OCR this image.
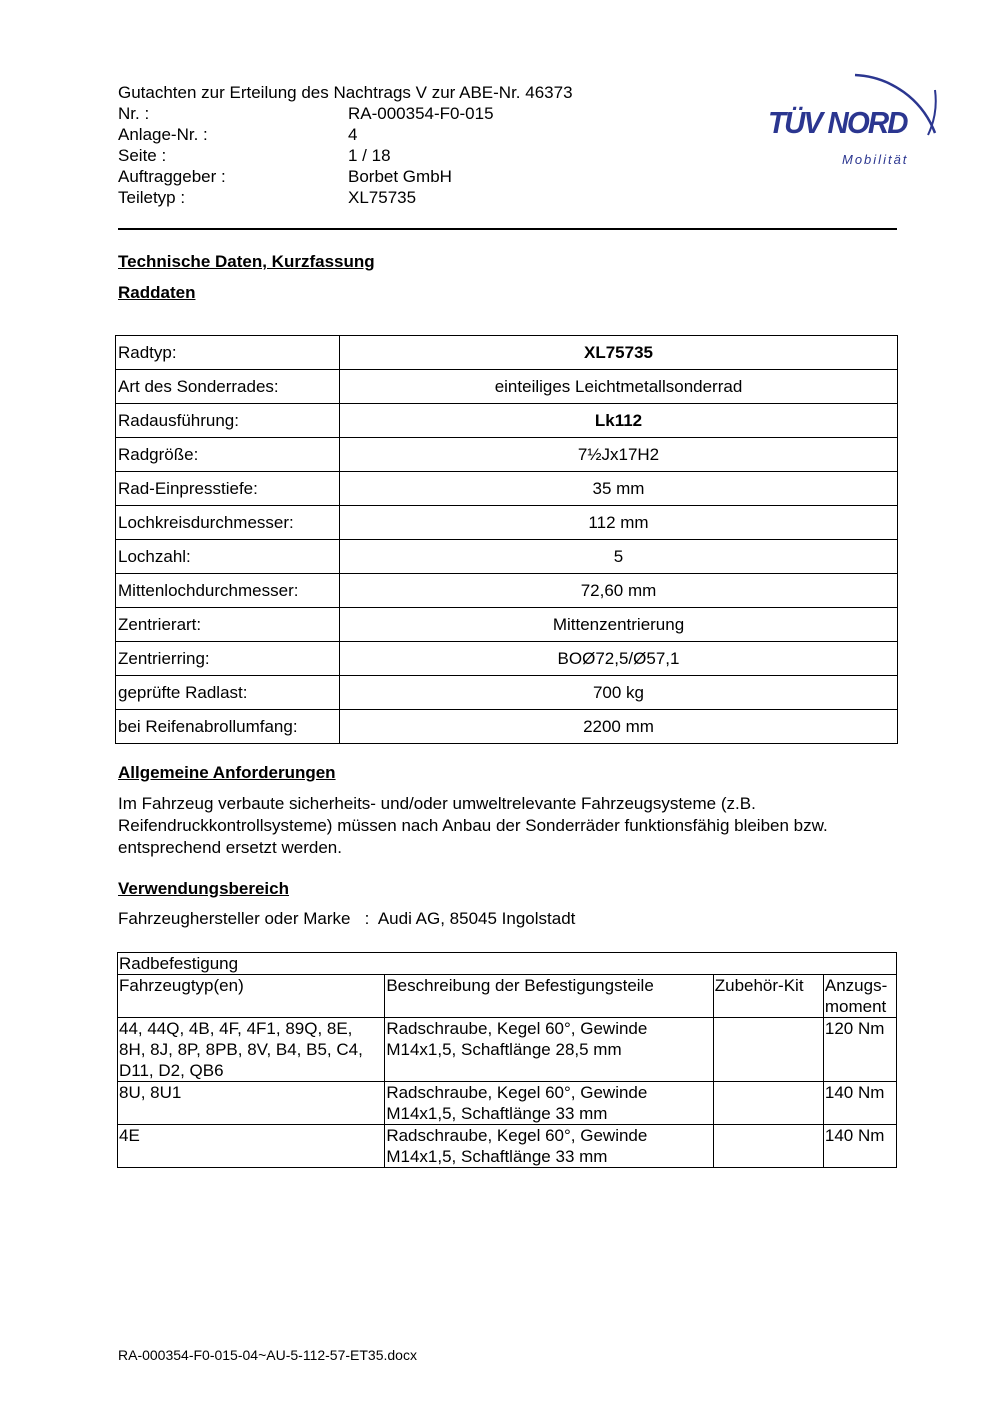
Gutachten zur Erteilung des Nachtrags V zur ABE-Nr. 46373
Nr. :	RA-000354-F0-015
Anlage-Nr. :	4
Seite :	1 / 18
Auftraggeber :	Borbet GmbH
Teiletyp :	XL75735
TÜV NORD
Mobilität
Technische Daten, Kurzfassung
Raddaten
Radtyp:	XL75735
Art des Sonderrades:	einteiliges Leichtmetallsonderrad
Radausführung:	Lk112
Radgröße:	7½Jx17H2
Rad-Einpresstiefe:	35 mm
Lochkreisdurchmesser:	112 mm
Lochzahl:	5
Mittenlochdurchmesser:	72,60 mm
Zentrierart:	Mittenzentrierung
Zentrierring:	BOØ72,5/Ø57,1
geprüfte Radlast:	700 kg
bei Reifenabrollumfang:	2200 mm
Allgemeine Anforderungen
Im Fahrzeug verbaute sicherheits- und/oder umweltrelevante Fahrzeugsysteme (z.B. Reifendruckkontrollsysteme) müssen nach Anbau der Sonderräder funktionsfähig bleiben bzw. entsprechend ersetzt werden.
Verwendungsbereich
Fahrzeughersteller oder Marke   :  Audi AG, 85045 Ingolstadt
Radbefestigung			
Fahrzeugtyp(en)	Beschreibung der Befestigungsteile	Zubehör-Kit	Anzugs-
moment
44, 44Q, 4B, 4F, 4F1, 89Q, 8E, 8H, 8J, 8P, 8PB, 8V, B4, B5, C4, D11, D2, QB6	Radschraube, Kegel 60°, Gewinde M14x1,5, Schaftlänge 28,5 mm		120 Nm
8U, 8U1	Radschraube, Kegel 60°, Gewinde M14x1,5, Schaftlänge 33 mm		140 Nm
4E	Radschraube, Kegel 60°, Gewinde M14x1,5, Schaftlänge 33 mm		140 Nm
RA-000354-F0-015-04~AU-5-112-57-ET35.docx
